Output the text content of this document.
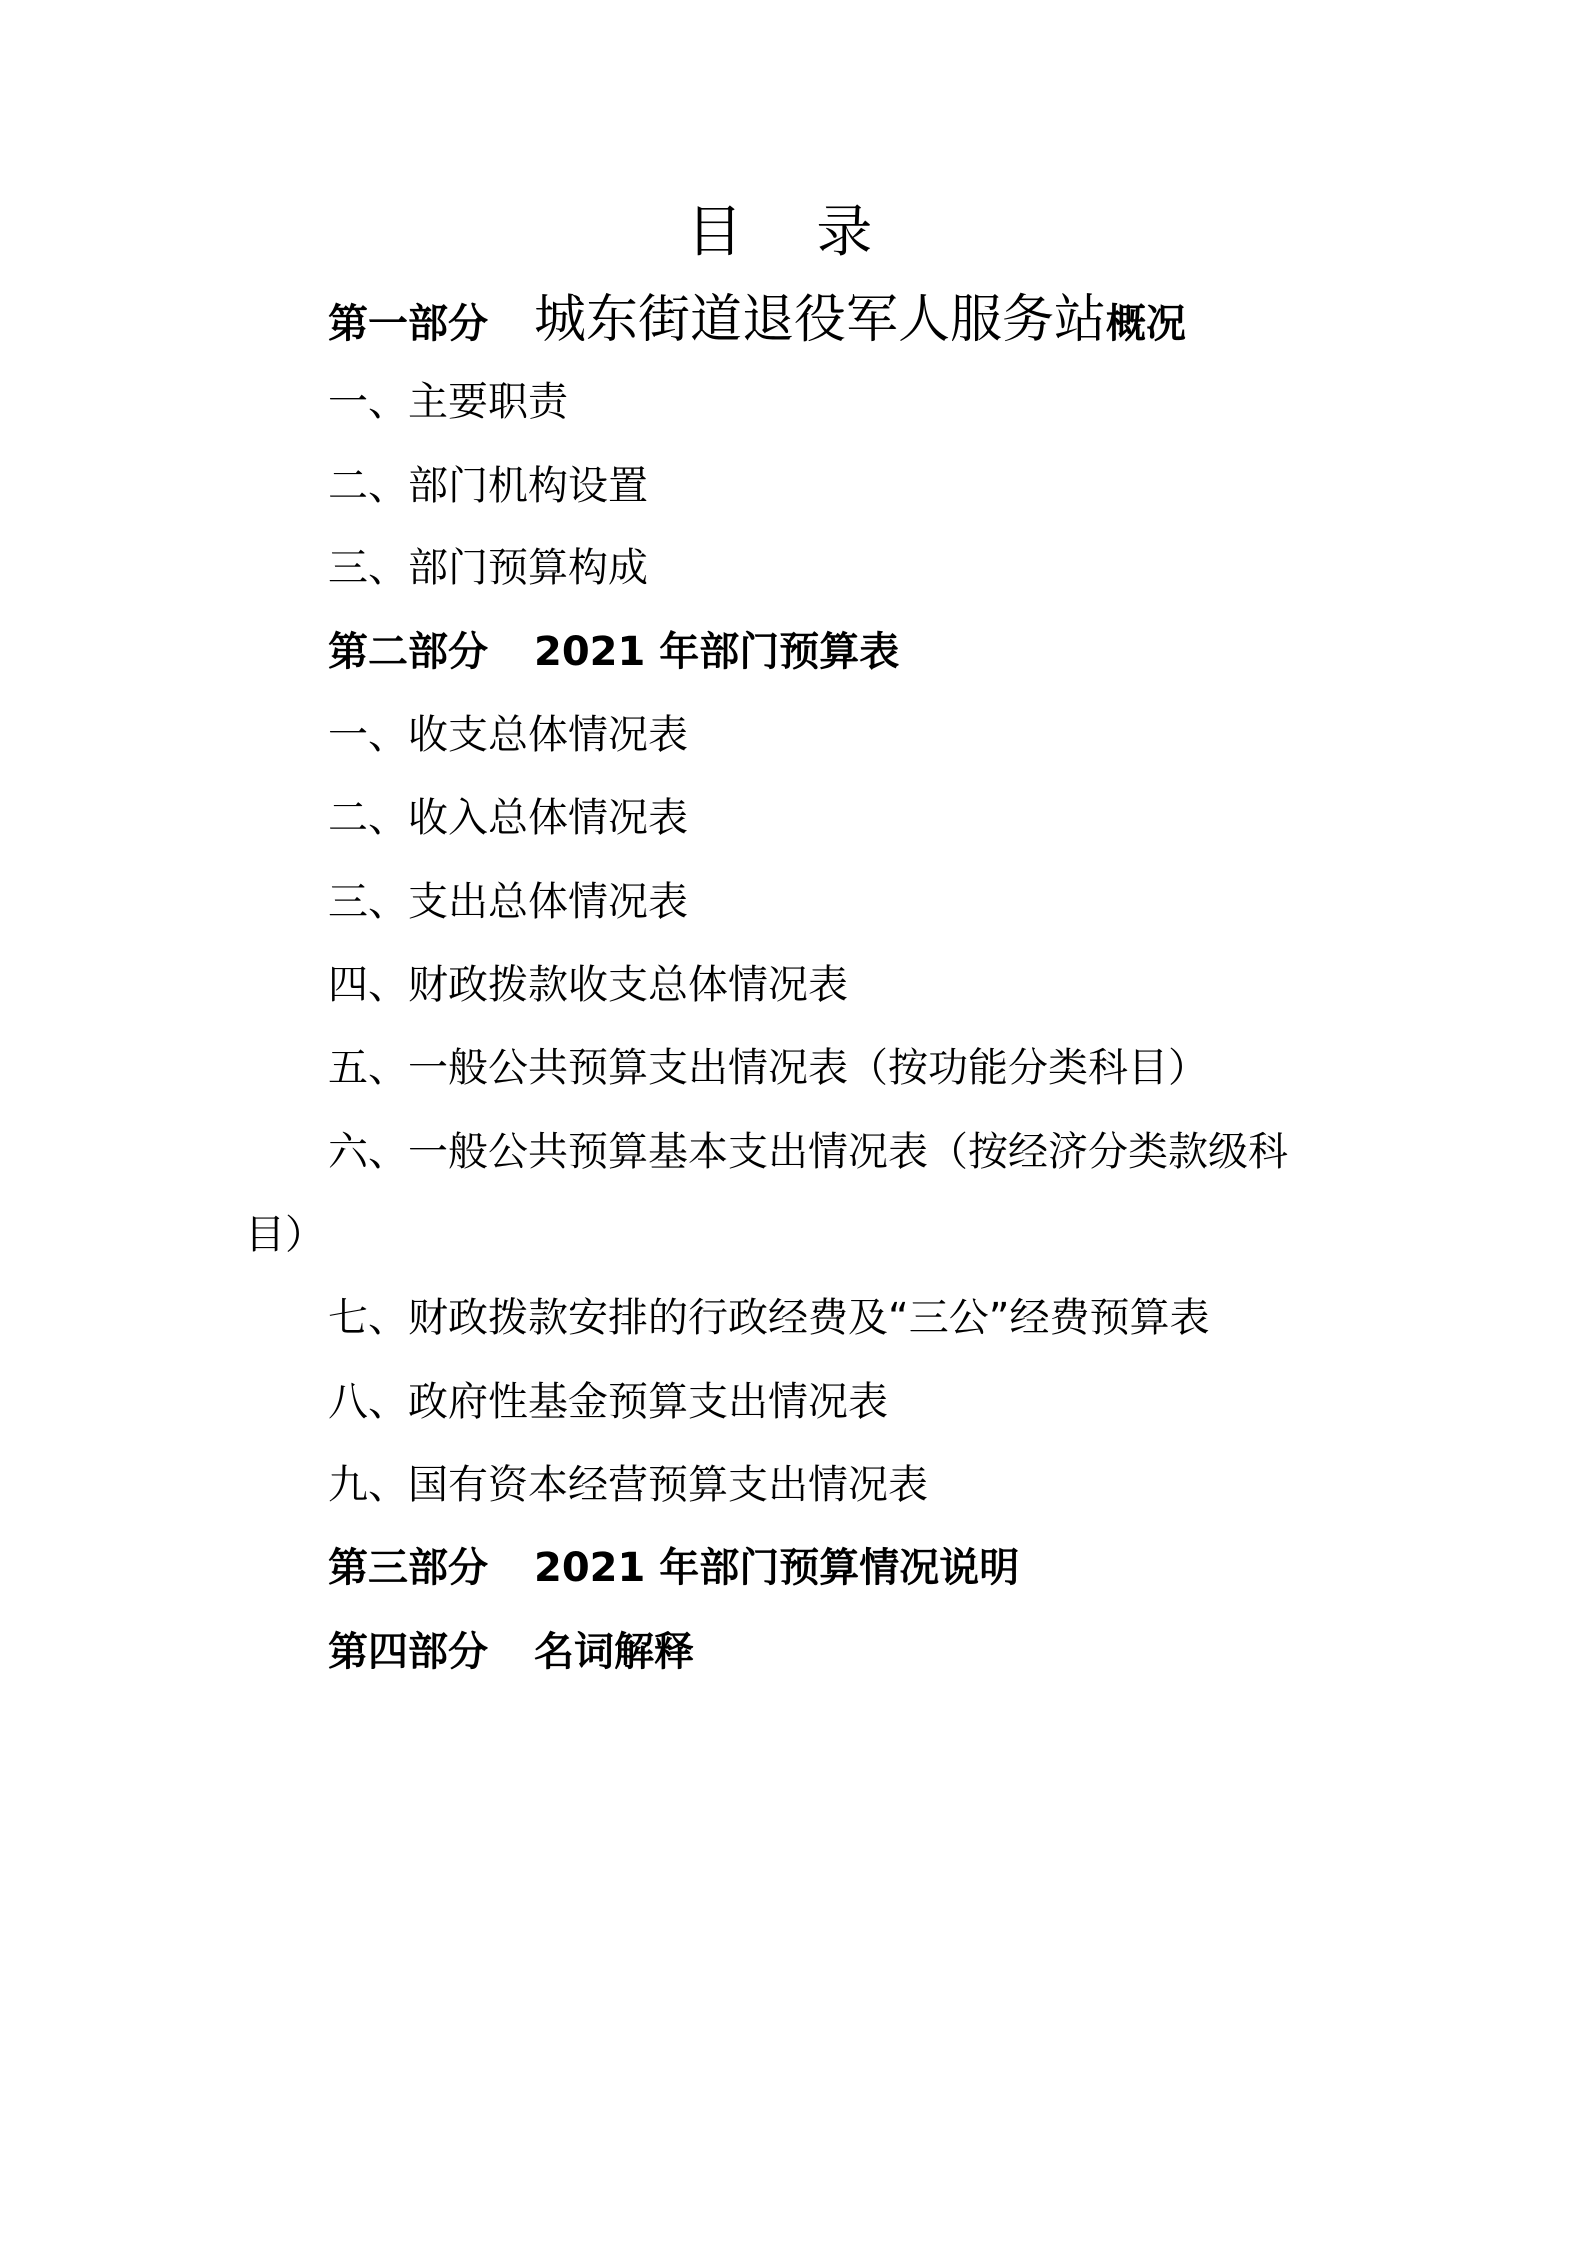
目 录
第一部分 城东街道退役军人服务站概况
一、主要职责
二、部门机构设置
三、部门预算构成
第二部分 2021 年部门预算表
一、收支总体情况表
二、收入总体情况表
三、支出总体情况表
四、财政拨款收支总体情况表
五、一般公共预算支出情况表（按功能分类科目）
六、一般公共预算基本支出情况表（按经济分类款级科
目）
七、财政拨款安排的行政经费及“三公”经费预算表
八、政府性基金预算支出情况表
九、国有资本经营预算支出情况表
第三部分 2021 年部门预算情况说明
第四部分 名词解释
